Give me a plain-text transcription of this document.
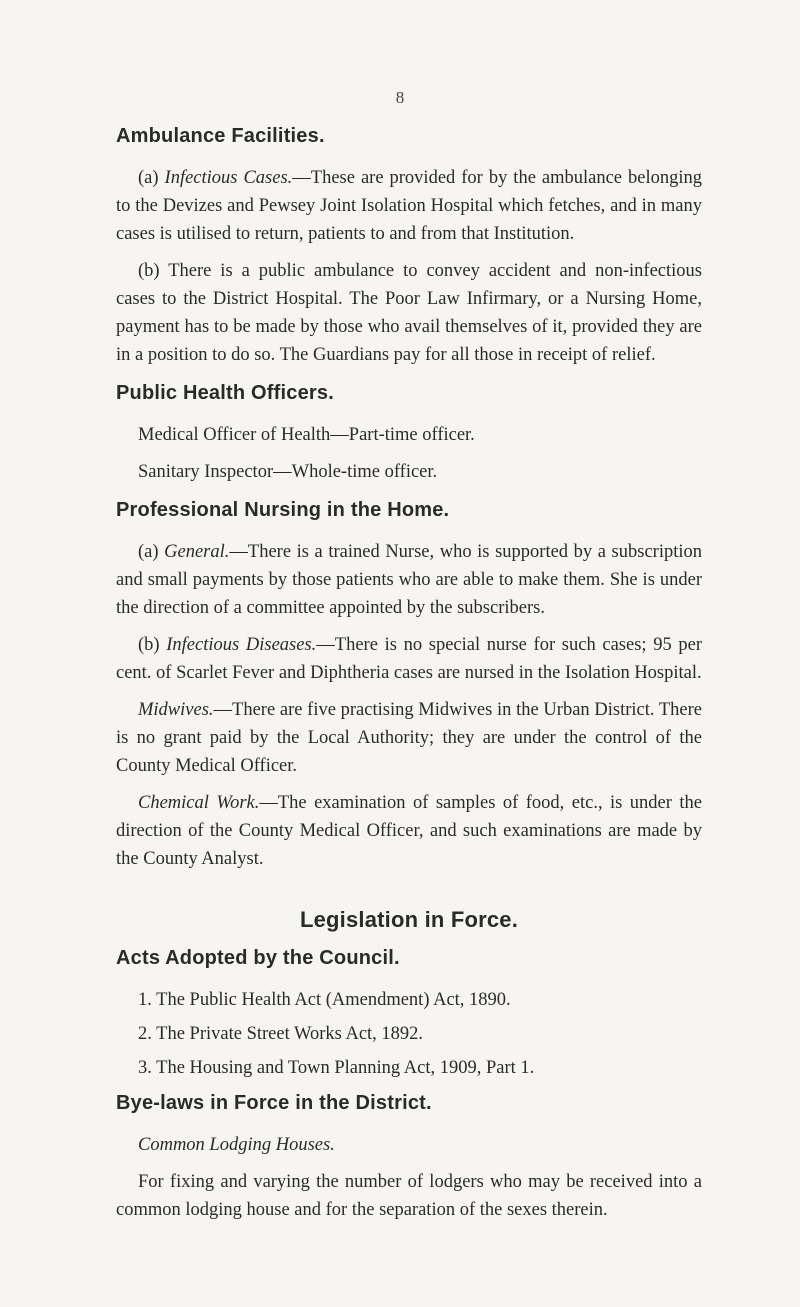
8
Ambulance Facilities.

(a) Infectious Cases.—These are provided for by the ambulance belonging to the Devizes and Pewsey Joint Isolation Hospital which fetches, and in many cases is utilised to return, patients to and from that Institution.

(b) There is a public ambulance to convey accident and non-infectious cases to the District Hospital. The Poor Law Infirmary, or a Nursing Home, payment has to be made by those who avail themselves of it, provided they are in a position to do so. The Guardians pay for all those in receipt of relief.

Public Health Officers.

Medical Officer of Health—Part-time officer.

Sanitary Inspector—Whole-time officer.

Professional Nursing in the Home.

(a) General.—There is a trained Nurse, who is supported by a subscription and small payments by those patients who are able to make them. She is under the direction of a committee appointed by the subscribers.

(b) Infectious Diseases.—There is no special nurse for such cases; 95 per cent. of Scarlet Fever and Diphtheria cases are nursed in the Isolation Hospital.

Midwives.—There are five practising Midwives in the Urban District. There is no grant paid by the Local Authority; they are under the control of the County Medical Officer.

Chemical Work.—The examination of samples of food, etc., is under the direction of the County Medical Officer, and such examinations are made by the County Analyst.

Legislation in Force.
Acts Adopted by the Council.

1. The Public Health Act (Amendment) Act, 1890.

2. The Private Street Works Act, 1892.

3. The Housing and Town Planning Act, 1909, Part 1.

Bye-laws in Force in the District.

Common Lodging Houses.

For fixing and varying the number of lodgers who may be received into a common lodging house and for the separation of the sexes therein.
